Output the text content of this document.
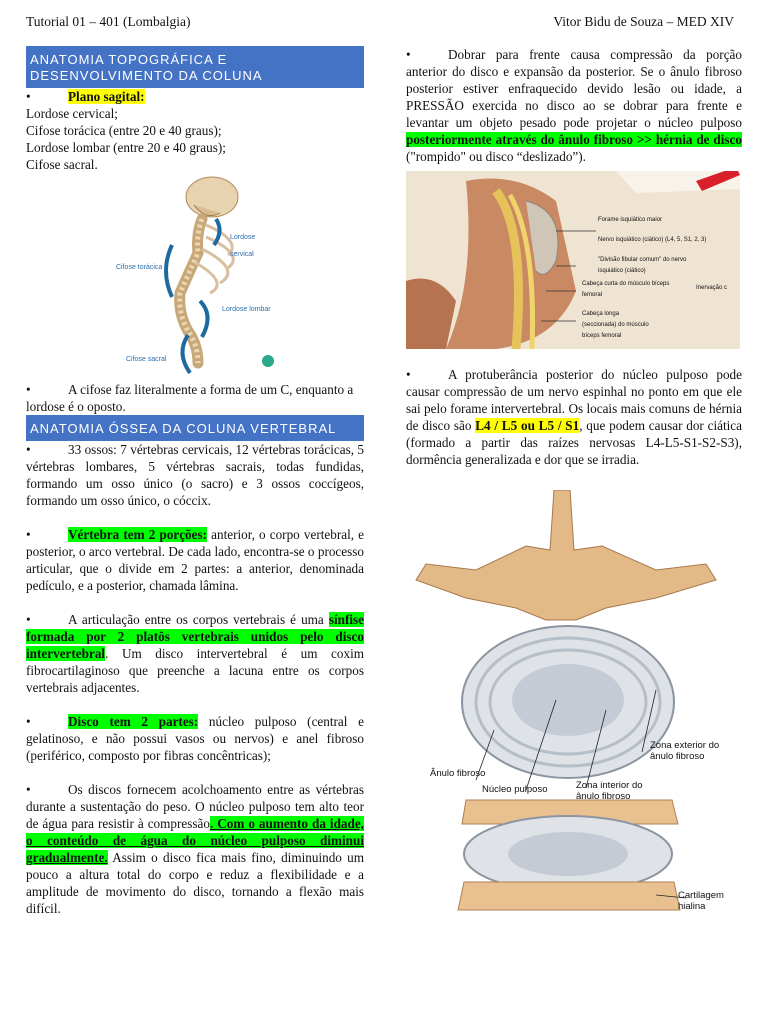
Tutorial 01 – 401 (Lombalgia)	Vitor Bidu de Souza – MED XIV
ANATOMIA TOPOGRÁFICA E DESENVOLVIMENTO DA COLUNA

•	Plano sagital:

Lordose cervical;

Cifose torácica (entre 20 e 40 graus);

Lordose lombar (entre 20 e 40 graus);

Cifose sacral.

Lordose cervical
Cifose torácica
Lordose lombar
Cifose sacral

•	A cifose faz literalmente a forma de um C, enquanto a lordose é o oposto.

ANATOMIA ÓSSEA DA COLUNA VERTEBRAL

•	33 ossos: 7 vértebras cervicais, 12 vértebras torácicas, 5 vértebras lombares, 5 vértebras sacrais, todas fundidas, formando um osso único (o sacro) e 3 ossos coccígeos, formando um osso único, o cóccix.

•	Vértebra tem 2 porções: anterior, o corpo vertebral, e posterior, o arco vertebral. De cada lado, encontra-se o processo articular, que o divide em 2 partes: a anterior, denominada pedículo, e a posterior, chamada lâmina.

•	A articulação entre os corpos vertebrais é uma sínfise formada por 2 platôs vertebrais unidos pelo disco intervertebral. Um disco intervertebral é um coxim fibrocartilaginoso que preenche a lacuna entre os corpos vertebrais adjacentes.

•	Disco tem 2 partes: núcleo pulposo (central e gelatinoso, e não possui vasos ou nervos) e anel fibroso (periférico, composto por fibras concêntricas);

•	Os discos fornecem acolchoamento entre as vértebras durante a sustentação do peso. O núcleo pulposo tem alto teor de água para resistir à compressão. Com o aumento da idade, o conteúdo de água do núcleo pulposo diminui gradualmente. Assim o disco fica mais fino, diminuindo um pouco a altura total do corpo e reduz a flexibilidade e a amplitude de movimento do disco, tornando a flexão mais difícil.

•	Dobrar para frente causa compressão da porção anterior do disco e expansão da posterior. Se o ânulo fibroso posterior estiver enfraquecido devido lesão ou idade, a PRESSÃO exercida no disco ao se dobrar para frente e levantar um objeto pesado pode projetar o núcleo pulposo posteriormente através do ânulo fibroso >> hérnia de disco ("rompido" ou disco “deslizado”).

Forame isquiático maior
Nervo isquiático (ciático) (L4, 5, S1, 2, 3)
"Divisão fibular comum" do nervo isquiático (ciático)
Cabeça curta do músculo bíceps femoral
Cabeça longa (seccionada) do músculo bíceps femoral
Inervação c

•	A protuberância posterior do núcleo pulposo pode causar compressão de um nervo espinhal no ponto em que ele sai pelo forame intervertebral. Os locais mais comuns de hérnia de disco são L4 / L5 ou L5 / S1, que podem causar dor ciática (formado a partir das raízes nervosas L4-L5-S1-S2-S3), dormência generalizada e dor que se irradia.

Zona exterior do ânulo fibroso
Ânulo fibroso
Núcleo pulposo	Zona interior do ânulo fibroso
Cartilagem hialina
